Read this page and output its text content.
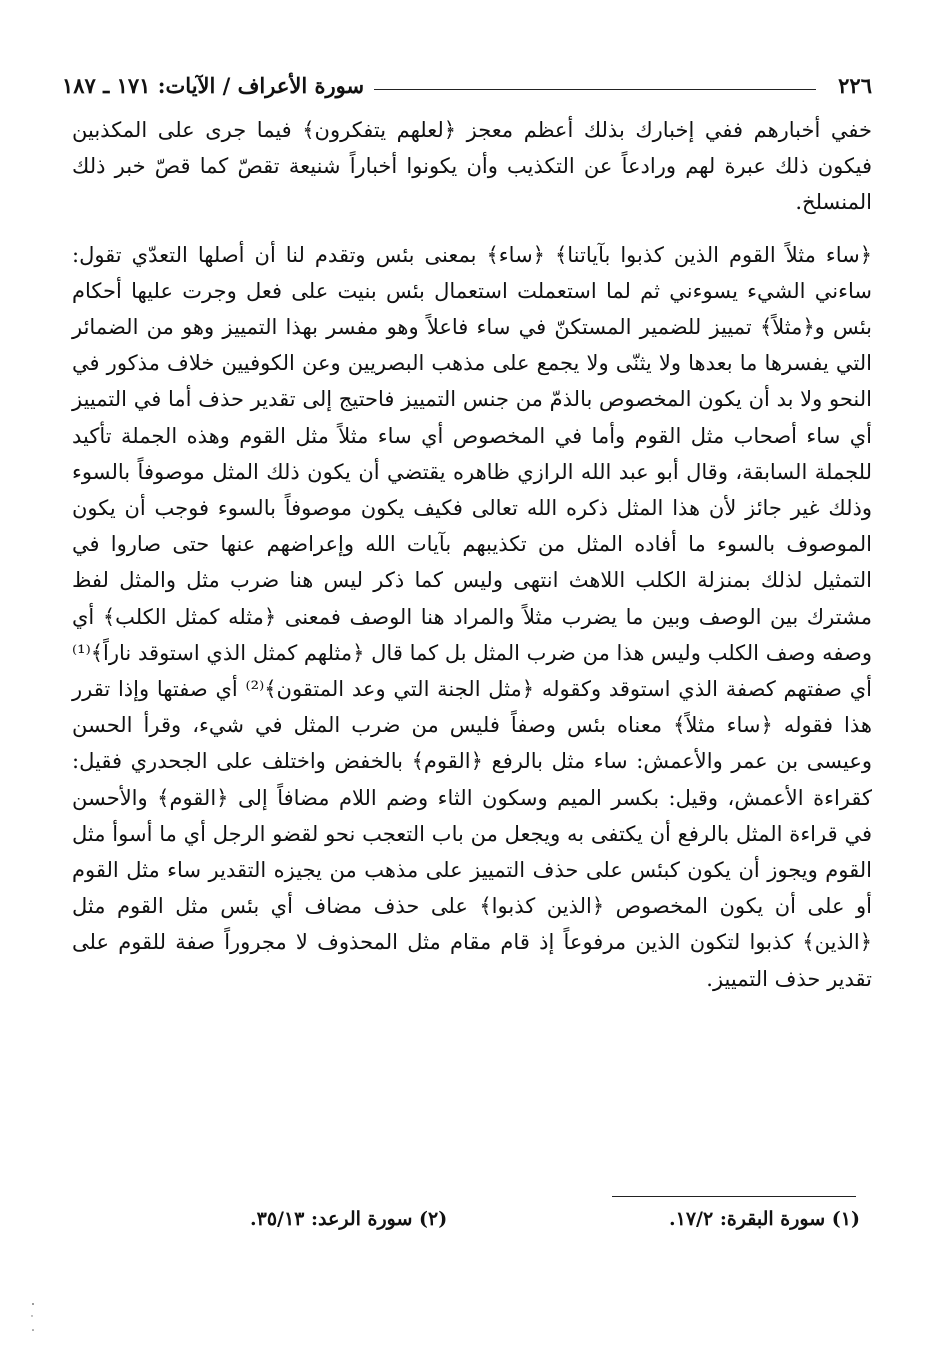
٢٢٦
سورة الأعراف / الآيات: ١٧١ ـ ١٨٧

خفي أخبارهم ففي إخبارك بذلك أعظم معجز ﴿لعلهم يتفكرون﴾ فيما جرى على المكذبين فيكون ذلك عبرة لهم ورادعاً عن التكذيب وأن يكونوا أخباراً شنيعة تقصّ كما قصّ خبر ذلك المنسلخ.

﴿ساء مثلاً القوم الذين كذبوا بآياتنا﴾ ﴿ساء﴾ بمعنى بئس وتقدم لنا أن أصلها التعدّي تقول: ساءني الشيء يسوءني ثم لما استعملت استعمال بئس بنيت على فعل وجرت عليها أحكام بئس و﴿مثلاً﴾ تمييز للضمير المستكنّ في ساء فاعلاً وهو مفسر بهذا التمييز وهو من الضمائر التي يفسرها ما بعدها ولا يثنّى ولا يجمع على مذهب البصريين وعن الكوفيين خلاف مذكور في النحو ولا بد أن يكون المخصوص بالذمّ من جنس التمييز فاحتيج إلى تقدير حذف أما في التمييز أي ساء أصحاب مثل القوم وأما في المخصوص أي ساء مثلاً مثل القوم وهذه الجملة تأكيد للجملة السابقة، وقال أبو عبد الله الرازي ظاهره يقتضي أن يكون ذلك المثل موصوفاً بالسوء وذلك غير جائز لأن هذا المثل ذكره الله تعالى فكيف يكون موصوفاً بالسوء فوجب أن يكون الموصوف بالسوء ما أفاده المثل من تكذيبهم بآيات الله وإعراضهم عنها حتى صاروا في التمثيل لذلك بمنزلة الكلب اللاهث انتهى وليس كما ذكر ليس هنا ضرب مثل والمثل لفظ مشترك بين الوصف وبين ما يضرب مثلاً والمراد هنا الوصف فمعنى ﴿مثله كمثل الكلب﴾ أي وصفه وصف الكلب وليس هذا من ضرب المثل بل كما قال ﴿مثلهم كمثل الذي استوقد ناراً﴾⁽¹⁾ أي صفتهم كصفة الذي استوقد وكقوله ﴿مثل الجنة التي وعد المتقون﴾⁽²⁾ أي صفتها وإذا تقرر هذا فقوله ﴿ساء مثلاً﴾ معناه بئس وصفاً فليس من ضرب المثل في شيء، وقرأ الحسن وعيسى بن عمر والأعمش: ساء مثل بالرفع ﴿القوم﴾ بالخفض واختلف على الجحدري فقيل: كقراءة الأعمش، وقيل: بكسر الميم وسكون الثاء وضم اللام مضافاً إلى ﴿القوم﴾ والأحسن في قراءة المثل بالرفع أن يكتفى به ويجعل من باب التعجب نحو لقضو الرجل أي ما أسوأ مثل القوم ويجوز أن يكون كبئس على حذف التمييز على مذهب من يجيزه التقدير ساء مثل القوم أو على أن يكون المخصوص ﴿الذين كذبوا﴾ على حذف مضاف أي بئس مثل القوم مثل ﴿الذين﴾ كذبوا لتكون الذين مرفوعاً إذ قام مقام مثل المحذوف لا مجروراً صفة للقوم على تقدير حذف التمييز.

(١) سورة البقرة: ١٧/٢.
(٢) سورة الرعد: ٣٥/١٣.
